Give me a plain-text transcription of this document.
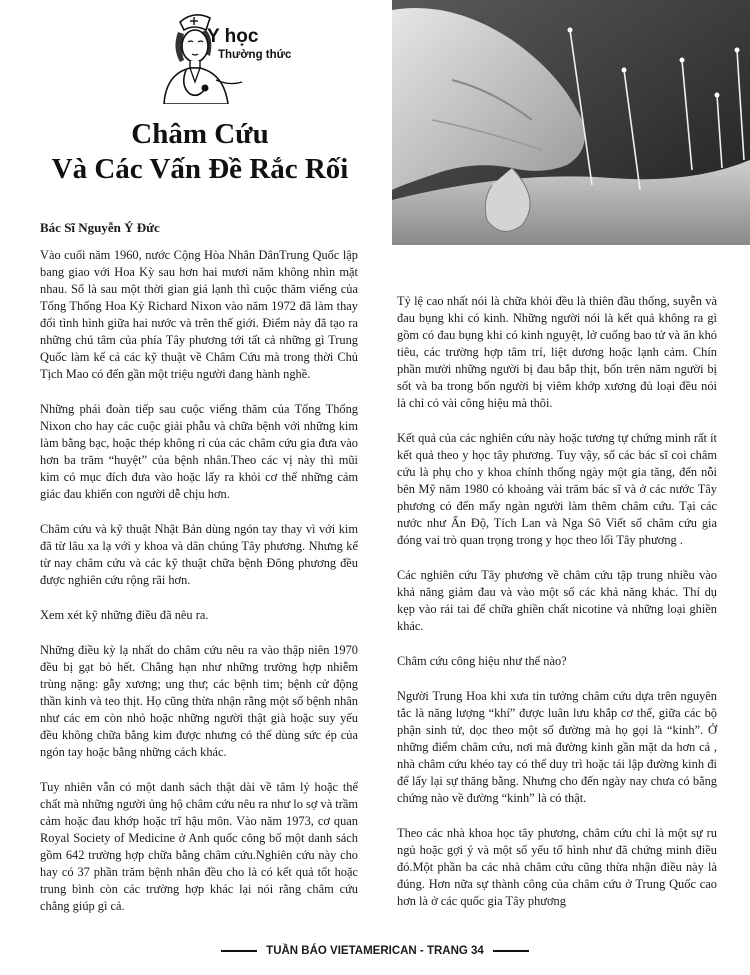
Y học
Thường thức
Châm Cứu
Và Các Vấn Đề Rắc Rối
Bác Sĩ Nguyễn Ý Đức

Vào cuối năm 1960, nước Cộng Hòa Nhân DânTrung Quốc lập bang giao với Hoa Kỳ sau hơn hai mươi năm không nhìn mặt nhau. Số là sau một thời gian giá lạnh thì cuộc thăm viếng của Tổng Thống Hoa Kỳ Richard Nixon vào năm 1972 đã làm thay đổi tình hình giữa hai nước và trên thế giới. Điểm này đã tạo ra những chú tâm của phía Tây phương tới tất cả những gì Trung Quốc làm kể cả các kỹ thuật về Châm Cứu mà trong thời Chủ Tịch Mao có đến gần một triệu người đang hành nghề.

Những phái đoàn tiếp sau cuộc viếng thăm của Tổng Thống Nixon cho hay các cuộc giải phẫu và chữa bệnh với những kim làm bằng bạc, hoặc thép không rỉ của các châm cứu gia đưa vào hơn ba trăm “huyệt” của bệnh nhân.Theo các vị này thì mũi kim có mục đích đưa vào hoặc lấy ra khỏi cơ thể những cảm giác đau khiến con người dễ chịu hơn.

Châm cứu và kỹ thuật Nhật Bản dùng ngón tay thay vì với kim đã từ lâu xa lạ với y khoa và dân chúng Tây phương. Nhưng kể từ nay châm cứu và các kỹ thuật chữa bệnh Đông phương đều được nghiên cứu rộng rãi hơn.

Xem xét kỹ những điều đã nêu ra.

Những điều kỳ lạ nhất do châm cứu nêu ra vào thập niên 1970 đều bị gạt bỏ hết. Chẳng hạn như những trường hợp nhiễm trùng nặng: gẫy xương; ung thư; các bệnh tim; bệnh cử động thần kinh và teo thịt. Họ cũng thừa nhận rằng một số bệnh nhân như các em còn nhỏ hoặc những người thật già hoặc suy yếu đều không chữa bằng kim được nhưng có thể dùng sức ép của ngón tay hoặc bằng những cách khác.

Tuy nhiên vẫn có một danh sách thật dài về tâm lý hoặc thể chất mà những người ủng hộ châm cứu nêu ra như lo sợ và trầm cảm hoặc đau khớp hoặc trĩ hậu môn. Vào năm 1973, cơ quan Royal Society of Medicine ở Anh quốc công bố một danh sách gồm 642 trường hợp chữa bằng châm cứu.Nghiên cứu này cho hay có 37 phần trăm bệnh nhân đều cho là có kết quả tốt hoặc trung bình còn các trường hợp khác lại nói rằng châm cứu chẳng giúp gì cả.

Tỷ lệ cao nhất nói là chữa khỏi đều là thiên đầu thống, suyễn và đau bụng khi có kinh. Những người nói là kết quả không ra gì gồm có đau bụng khi có kinh nguyệt, lở cuống bao tử và ăn khó tiêu, các trường hợp tâm trí, liệt dương hoặc lạnh cảm. Chín phần mười những người bị đau bắp thịt, bốn trên năm người bị sốt và ba trong bốn người bị viêm khớp xương đủ loại đều nói là chỉ có vài công hiệu mà thôi.

Kết quả của các nghiên cứu này hoặc tương tự chứng minh rất ít kết quả theo y học tây phương. Tuy vậy, số các bác sĩ coi châm cứu là phụ cho y khoa chính thống ngày một gia tăng, đến nỗi bên Mỹ năm 1980 có khoảng vài trăm bác sĩ và ở các nước Tây phương có đến mấy ngàn người làm thêm châm cứu. Tại các nước như Ấn Độ, Tích Lan và Nga Sô Viết số châm cứu gia đóng vai trò quan trọng trong y học theo lối Tây phương .

Các nghiên cứu Tây phương về châm cứu tập trung nhiều vào khả năng giảm đau và vào một số các khả năng khác. Thí dụ kẹp vào rái tai để chữa ghiền chất nicotine và những loại ghiền khác.

Châm cứu công hiệu như thế nào?

Người Trung Hoa khi xưa tin tưởng châm cứu dựa trên nguyên tắc là năng lượng “khí” được luân lưu khắp cơ thể, giữa các bộ phận sinh tử, dọc theo một số đường mà họ gọi là “kinh”. Ở những điểm châm cứu, nơi mà đường kinh gần mặt da hơn cả , nhà châm cứu khéo tay có thể duy trì hoặc tái lập đường kinh đi để lấy lại sự thăng bằng. Nhưng cho đến ngày nay chưa có bằng chứng nào về đường “kinh” là có thật.

Theo các nhà khoa học tây phương, châm cứu chỉ là một sự ru ngủ hoặc gợi ý và một số yếu tố hình như đã chứng minh điều đó.Một phần ba các nhà châm cứu cũng thừa nhận điều này là đúng. Hơn nữa sự thành công của châm cứu ở Trung Quốc cao hơn là ở các quốc gia Tây phương

TUẦN BÁO VIETAMERICAN - TRANG 34
